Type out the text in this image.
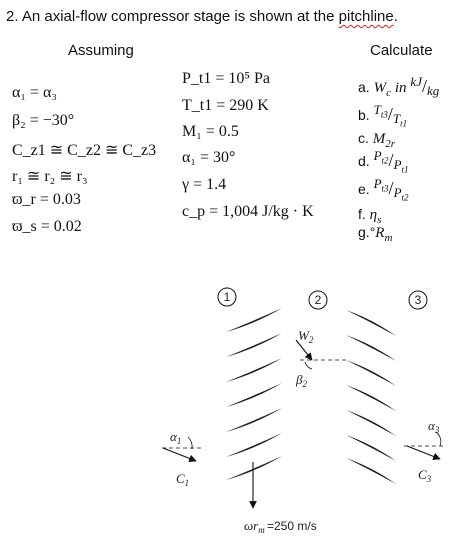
2. An axial-flow compressor stage is shown at the pitchline.
Assuming	Calculate
α₁ = α₃
β₂ = −30°
C_z1 ≅ C_z2 ≅ C_z3
r₁ ≅ r₂ ≅ r₃
ϖ_r = 0.03
ϖ_s = 0.02
P_t1 = 10⁵ Pa
T_t1 = 290 K
M₁ = 0.5
α₁ = 30°
γ = 1.4
c_p = 1,004 J/kg · K
a. $W_c$ in kJ/kg
b. $T_{t3}/T_{t1}$
c. $M_{2r}$
d. $P_{t2}/P_{t1}$
e. $P_{t3}/P_{t2}$
f. $\eta_s$
$g.^\circ R_m$
1	2	3
$W_2$
$\beta_2$
$\alpha_1$
$C_1$
$\alpha_3$
$C_3$
$\omega r_m =250$ m/s
